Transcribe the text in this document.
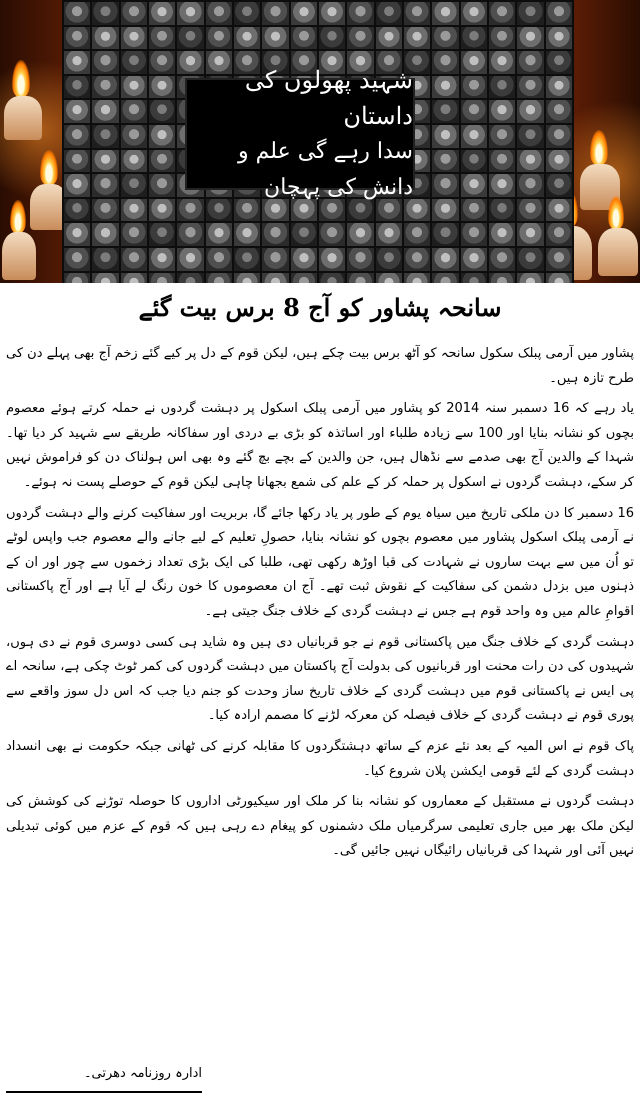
شہید پھولوں کی داستان
سدا رہے گی علم و دانش کی پہچان
سانحہ پشاور کو آج 8 برس بیت گئے

پشاور میں آرمی پبلک سکول سانحہ کو آٹھ برس بیت چکے ہیں، لیکن قوم کے دل پر کیے گئے زخم آج بھی پہلے دن کی طرح تازہ ہیں۔

یاد رہے کہ 16 دسمبر سنہ 2014 کو پشاور میں آرمی پبلک اسکول پر دہشت گردوں نے حملہ کرتے ہوئے معصوم بچوں کو نشانہ بنایا اور 100 سے زیادہ طلباء اور اساتذہ کو بڑی بے دردی اور سفاکانہ طریقے سے شہید کر دیا تھا۔ شہدا کے والدین آج بھی صدمے سے نڈھال ہیں، جن والدین کے بچے بچ گئے وہ بھی اس ہولناک دن کو فراموش نہیں کر سکے، دہشت گردوں نے اسکول پر حملہ کر کے علم کی شمع بجھانا چاہی لیکن قوم کے حوصلے پست نہ ہوئے۔

16 دسمبر کا دن ملکی تاریخ میں سیاہ یوم کے طور پر یاد رکھا جائے گا، بربریت اور سفاکیت کرنے والے دہشت گردوں نے آرمی پبلک اسکول پشاور میں معصوم بچوں کو نشانہ بنایا، حصولِ تعلیم کے لیے جانے والے معصوم جب واپس لوٹے تو اُن میں سے بہت ساروں نے شہادت کی قبا اوڑھ رکھی تھی، طلبا کی ایک بڑی تعداد زخموں سے چور اور ان کے ذہنوں میں بزدل دشمن کی سفاکیت کے نقوش ثبت تھے۔ آج ان معصوموں کا خون رنگ لے آیا ہے اور آج پاکستانی اقوامِ عالم میں وہ واحد قوم ہے جس نے دہشت گردی کے خلاف جنگ جیتی ہے۔

دہشت گردی کے خلاف جنگ میں پاکستانی قوم نے جو قربانیاں دی ہیں وہ شاید ہی کسی دوسری قوم نے دی ہوں، شہیدوں کی دن رات محنت اور قربانیوں کی بدولت آج پاکستان میں دہشت گردوں کی کمر ٹوٹ چکی ہے، سانحہ اے پی ایس نے پاکستانی قوم میں دہشت گردی کے خلاف تاریخ ساز وحدت کو جنم دیا جب کہ اس دل سوز واقعے سے پوری قوم نے دہشت گردی کے خلاف فیصلہ کن معرکہ لڑنے کا مصمم ارادہ کیا۔

پاک قوم نے اس المیہ کے بعد نئے عزم کے ساتھ دہشتگردوں کا مقابلہ کرنے کی ٹھانی جبکہ حکومت نے بھی انسداد دہشت گردی کے لئے قومی ایکشن پلان شروع کیا۔

دہشت گردوں نے مستقبل کے معماروں کو نشانہ بنا کر ملک اور سیکیورٹی اداروں کا حوصلہ توڑنے کی کوشش کی لیکن ملک بھر میں جاری تعلیمی سرگرمیاں ملک دشمنوں کو پیغام دے رہی ہیں کہ قوم کے عزم میں کوئی تبدیلی نہیں آئی اور شہدا کی قربانیاں رائیگاں نہیں جائیں گی۔

ادارہ روزنامہ دھرتی۔
